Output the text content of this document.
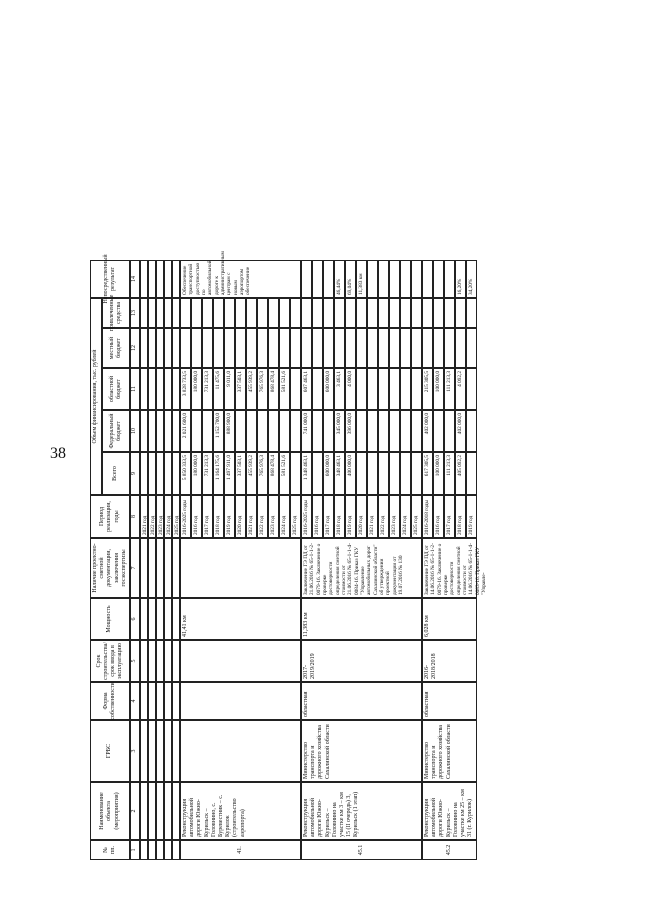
38
№ пп.
Наименование объекта (мероприятия)
ГРБС
Форма собственности
Срок строительства/ срок ввода в эксплуатацию
Мощность
Наличие проектно-сметной документации, заключения госэкспертизы
Период реализации, годы
Объем финансирования, тыс. рублей
Всего
Федеральный бюджет
областной бюджет
местный бюджет
привлеченные средства
Непосредственный результат
1
2
3
4
5
6
7
8
9
10
11
12
13
14
2021 год 2022 год 2023 год 2024 год 2025 год
41.
Реконструкция автомобильной дороги Южно-Курильск – Головнино, с. Буревестник – с. Курилок (строительство аэропорта)
41,41 км
2016-2025 годы
5 850 333,5
2 021 600,0
3 828 733,5
2016 год
180 000,0
180 000,0
2017 год
731 213,3
731 213,3
2018 год
1 164 175,6
1 152 700,0
11 475,6
2019 год
1 497 911,0
888 900,0
9 011,0
2020 год
337 503,1
337 503,1
2021 год
455 939,2
455 939,2
2022 год
765 976,3
765 976,3
2023 год
868 478,4
868 478,4
2024 год
581 521,6
581 521,6
2025 год
Обеспечение транспортной доступностью по автомобильной дороге к административным центрам с новым аэропортом обеспечение
45.1
Реконструкция автомобильной дороги Южно-Курильск – Головнино на участке км 3 – км 15 (II очередь) 3, Курильск (1 этап)
Министерство транспорта и дорожного хозяйства Сахалинской области
областная
2017-2019/2019
11,383 км
Заключение ГЭ ПД от 21.06.2016 № 65-1-1-2-0079-16. Заключение о проверке достоверности определения сметной стоимости от 21.06.2016 № 65-1-1-4-0084-16. Приказ ГКУ "Управление автомобильных дорог Сахалинской области" об утверждении проектной документации от 19.07.2016 № 130
2016-2025 годы
1 348 463,1
741 000,0
607 463,1
2016 год 2017 год
600 000,0
600 000,0
2018 год
348 463,1
345 000,0
3 463,1
2019 год
400 000,0
396 000,0
4 000,0
2020 год 2021 год 2022 год 2023 год 2024 год 2025 год
46,44% 69,04% 11,383 км
45.2
Реконструкция автомобильной дороги Южно-Курильск – Головнино на участке км 25 – км 31 (г. Курилок)
Министерство транспорта и дорожного хозяйства Сахалинской области
областная
2016-2018/2018
6,028 км
Заключение ГЭ ПД от 14.06.2016 № 65-1-1-2-0079-16. Заключение о проверке достоверности определения сметной стоимости от 14.06.2016 № 65-1-1-4-0083-16. Приказ ГКУ "Управле-
2016-2018 годы
617 305,5
402 000,0
215 305,5
2016 год
100 000,0
100 000,0
2017 год
111 213,3
111 213,3
2018 год
405 092,2
402 000,0
4 092,2
2019 год
16,20% 34,20%
